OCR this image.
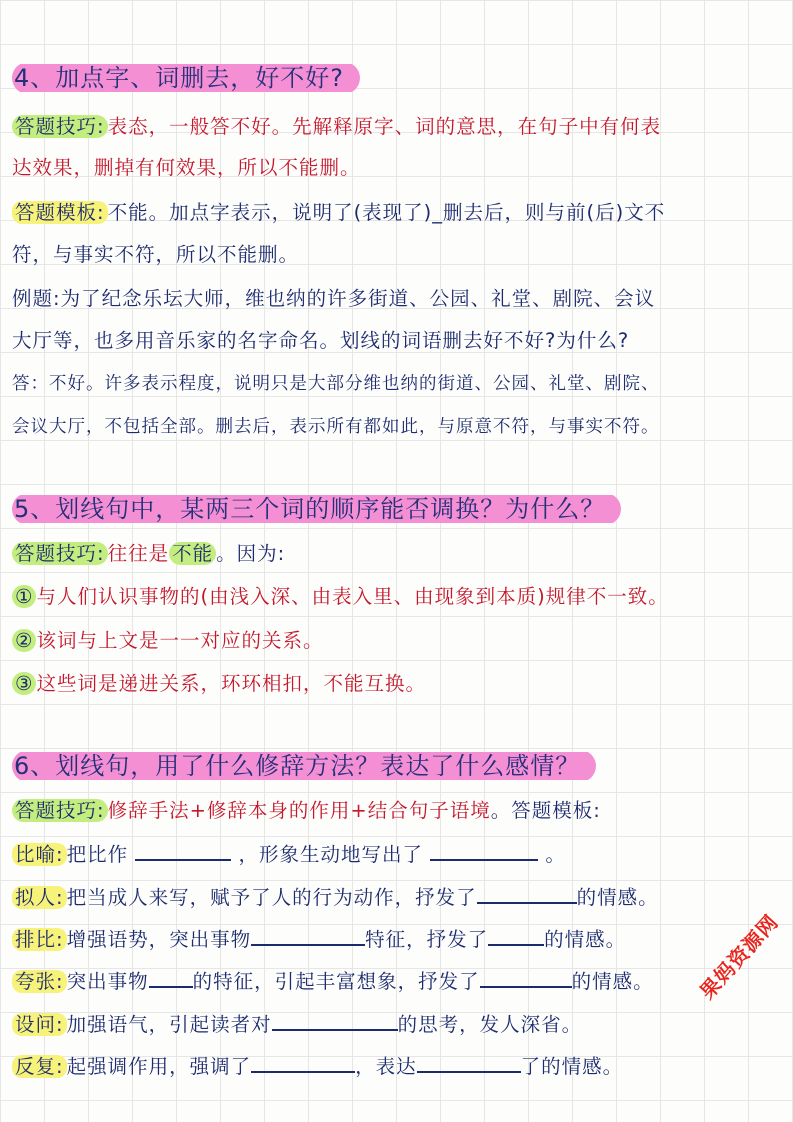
4、加点字、词删去，好不好?
答题技巧: 表态，一般答不好。先解释原字、词的意思，在句子中有何表
达效果，删掉有何效果，所以不能删。
答题模板: 不能。加点字表示，说明了(表现了)_删去后，则与前(后)文不
符，与事实不符，所以不能删。
例题:为了纪念乐坛大师，维也纳的许多街道、公园、礼堂、剧院、会议
大厅等，也多用音乐家的名字命名。划线的词语删去好不好?为什么?
答：不好。许多表示程度，说明只是大部分维也纳的街道、公园、礼堂、剧院、
会议大厅，不包括全部。删去后，表示所有都如此，与原意不符，与事实不符。
5、划线句中，某两三个词的顺序能否调换？为什么？
答题技巧: 往往是 不能 。因为:
① 与人们认识事物的(由浅入深、由表入里、由现象到本质)规律不一致。
② 该词与上文是一一对应的关系。
③ 这些词是递进关系，环环相扣，不能互换。
6、划线句，用了什么修辞方法？表达了什么感情？
答题技巧: 修辞手法+修辞本身的作用+结合句子语境。答题模板:
比喻: 把比作	，形象生动地写出了	。
拟人: 把当成人来写，赋予了人的行为动作，抒发了	的情感。
排比: 增强语势，突出事物	特征，抒发了	的情感。
夸张: 突出事物 的特征，引起丰富想象，抒发了	的情感。
设问: 加强语气，引起读者对	的思考，发人深省。
反复: 起强调作用，强调了	，表达	了的情感。
果妈资源网
